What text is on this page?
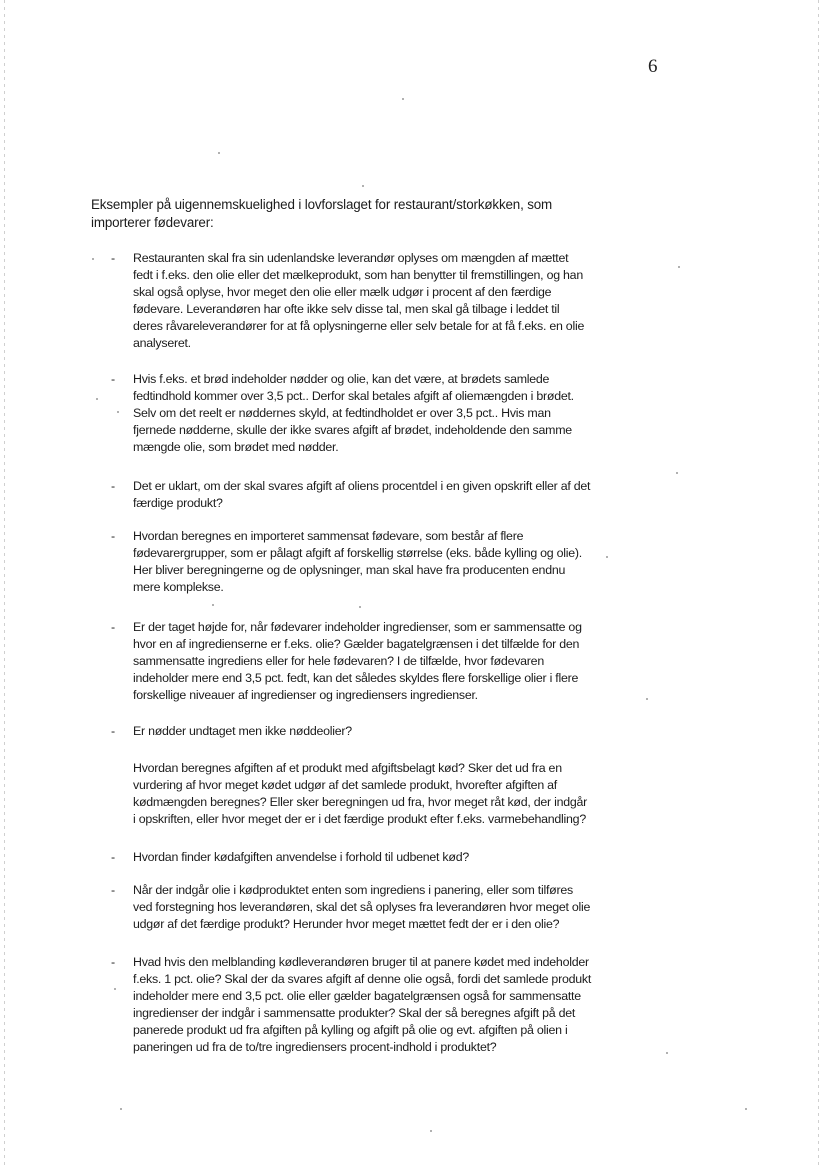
6

Eksempler på uigennemskuelighed i lovforslaget for restaurant/storkøkken, som importerer fødevarer:

- Restauranten skal fra sin udenlandske leverandør oplyses om mængden af mættet fedt i f.eks. den olie eller det mælkeprodukt, som han benytter til fremstillingen, og han skal også oplyse, hvor meget den olie eller mælk udgør i procent af den færdige fødevare. Leverandøren har ofte ikke selv disse tal, men skal gå tilbage i leddet til deres råvareleverandører for at få oplysningerne eller selv betale for at få f.eks. en olie analyseret.
- Hvis f.eks. et brød indeholder nødder og olie, kan det være, at brødets samlede fedtindhold kommer over 3,5 pct.. Derfor skal betales afgift af oliemængden i brødet. Selv om det reelt er nøddernes skyld, at fedtindholdet er over 3,5 pct.. Hvis man fjernede nødderne, skulle der ikke svares afgift af brødet, indeholdende den samme mængde olie, som brødet med nødder.
- Det er uklart, om der skal svares afgift af oliens procentdel i en given opskrift eller af det færdige produkt?
- Hvordan beregnes en importeret sammensat fødevare, som består af flere fødevarergrupper, som er pålagt afgift af forskellig størrelse (eks. både kylling og olie). Her bliver beregningerne og de oplysninger, man skal have fra producenten endnu mere komplekse.
- Er der taget højde for, når fødevarer indeholder ingredienser, som er sammensatte og hvor en af ingredienserne er f.eks. olie? Gælder bagatelgrænsen i det tilfælde for den sammensatte ingrediens eller for hele fødevaren? I de tilfælde, hvor fødevaren indeholder mere end 3,5 pct. fedt, kan det således skyldes flere forskellige olier i flere forskellige niveauer af ingredienser og ingrediensers ingredienser.
- Er nødder undtaget men ikke nøddeolier?
Hvordan beregnes afgiften af et produkt med afgiftsbelagt kød? Sker det ud fra en vurdering af hvor meget kødet udgør af det samlede produkt, hvorefter afgiften af kødmængden beregnes? Eller sker beregningen ud fra, hvor meget råt kød, der indgår i opskriften, eller hvor meget der er i det færdige produkt efter f.eks. varmebehandling?
- Hvordan finder kødafgiften anvendelse i forhold til udbenet kød?
- Når der indgår olie i kødproduktet enten som ingrediens i panering, eller som tilføres ved forstegning hos leverandøren, skal det så oplyses fra leverandøren hvor meget olie udgør af det færdige produkt? Herunder hvor meget mættet fedt der er i den olie?
- Hvad hvis den melblanding kødleverandøren bruger til at panere kødet med indeholder f.eks. 1 pct. olie? Skal der da svares afgift af denne olie også, fordi det samlede produkt indeholder mere end 3,5 pct. olie eller gælder bagatelgrænsen også for sammensatte ingredienser der indgår i sammensatte produkter? Skal der så beregnes afgift på det panerede produkt ud fra afgiften på kylling og afgift på olie og evt. afgiften på olien i paneringen ud fra de to/tre ingrediensers procent-indhold i produktet?
